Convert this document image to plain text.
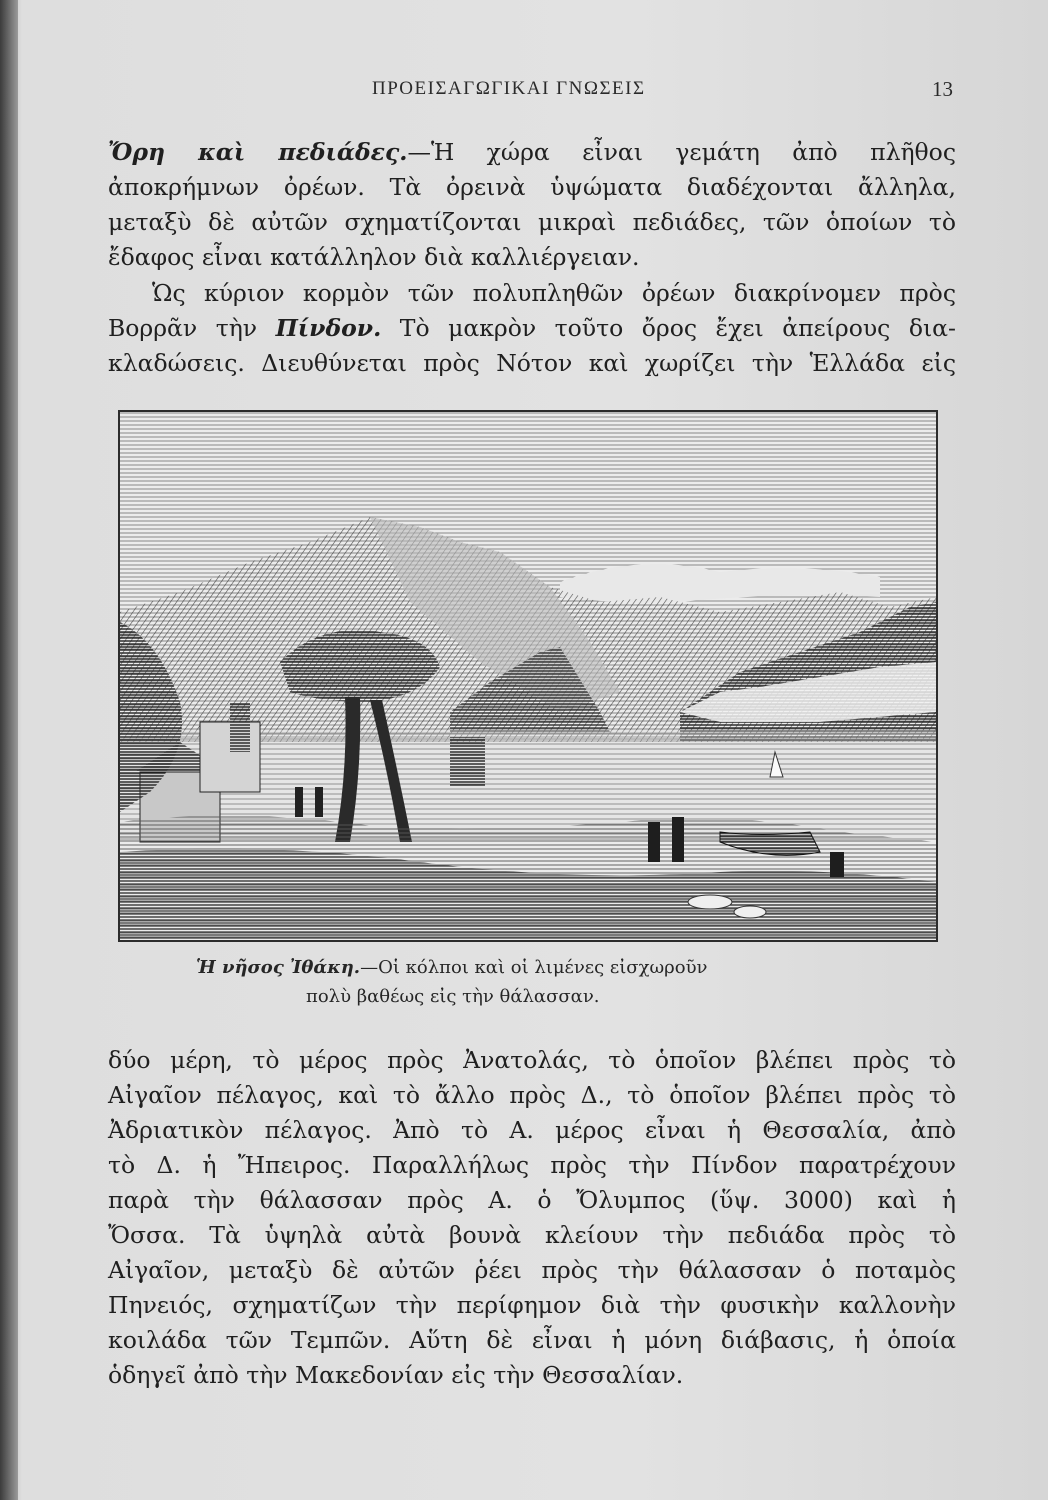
ΠΡΟΕΙΣΑΓΩΓΙΚΑΙ ΓΝΩΣΕΙΣ	13
Ὄρη καὶ πεδιάδες.—Ἡ χώρα εἶναι γεμάτη ἀπὸ πλῆθος
ἀποκρήμνων ὀρέων. Τὰ ὀρεινὰ ὑψώματα διαδέχονται ἄλληλα,
μεταξὺ δὲ αὐτῶν σχηματίζονται μικραὶ πεδιάδες, τῶν ὁποίων τὸ
ἔδαφος εἶναι κατάλληλον διὰ καλλιέργειαν.
Ὡς κύριον κορμὸν τῶν πολυπληθῶν ὀρέων διακρίνομεν πρὸς
Βορρᾶν τὴν Πίνδον. Τὸ μακρὸν τοῦτο ὄρος ἔχει ἀπείρους δια-
κλαδώσεις. Διευθύνεται πρὸς Νότον καὶ χωρίζει τὴν Ἑλλάδα εἰς
Ἡ νῆσος Ἰθάκη.—Οἱ κόλποι καὶ οἱ λιμένες εἰσχωροῦν
πολὺ βαθέως εἰς τὴν θάλασσαν.
δύο μέρη, τὸ μέρος πρὸς Ἀνατολάς, τὸ ὁποῖον βλέπει πρὸς τὸ
Αἰγαῖον πέλαγος, καὶ τὸ ἄλλο πρὸς Δ., τὸ ὁποῖον βλέπει πρὸς τὸ
Ἀδριατικὸν πέλαγος. Ἀπὸ τὸ Α. μέρος εἶναι ἡ Θεσσαλία, ἀπὸ
τὸ Δ. ἡ Ἤπειρος. Παραλλήλως πρὸς τὴν Πίνδον παρατρέχουν
παρὰ τὴν θάλασσαν πρὸς Α. ὁ Ὄλυμπος (ὕψ. 3000) καὶ ἡ
Ὄσσα. Τὰ ὑψηλὰ αὐτὰ βουνὰ κλείουν τὴν πεδιάδα πρὸς τὸ
Αἰγαῖον, μεταξὺ δὲ αὐτῶν ῥέει πρὸς τὴν θάλασσαν ὁ ποταμὸς
Πηνειός, σχηματίζων τὴν περίφημον διὰ τὴν φυσικὴν καλλονὴν
κοιλάδα τῶν Τεμπῶν. Αὕτη δὲ εἶναι ἡ μόνη διάβασις, ἡ ὁποία
ὁδηγεῖ ἀπὸ τὴν Μακεδονίαν εἰς τὴν Θεσσαλίαν.
